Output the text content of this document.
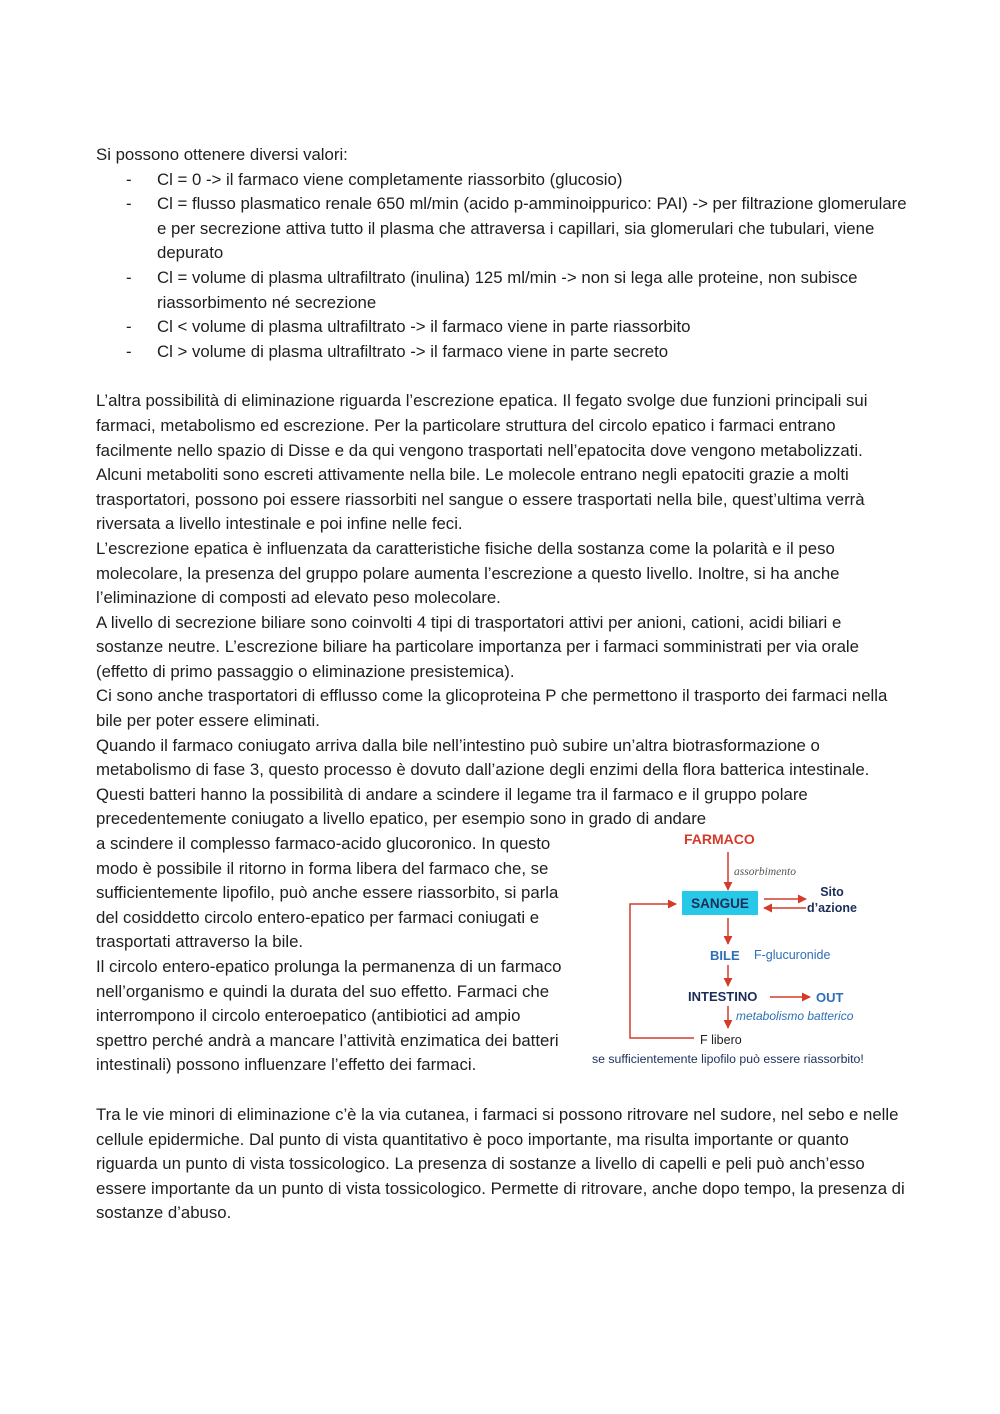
Si possono ottenere diversi valori:

- Cl = 0 -> il farmaco viene completamente riassorbito (glucosio)
- Cl = flusso plasmatico renale 650 ml/min (acido p-amminoippurico: PAI) -> per filtrazione glomerulare e per secrezione attiva tutto il plasma che attraversa i capillari, sia glomerulari che tubulari, viene depurato
- Cl = volume di plasma ultrafiltrato (inulina) 125 ml/min -> non si lega alle proteine, non subisce riassorbimento né secrezione
- Cl < volume di plasma ultrafiltrato -> il farmaco viene in parte riassorbito
- Cl > volume di plasma ultrafiltrato -> il farmaco viene in parte secreto

L’altra possibilità di eliminazione riguarda l’escrezione epatica. Il fegato svolge due funzioni principali sui farmaci, metabolismo ed escrezione. Per la particolare struttura del circolo epatico i farmaci entrano facilmente nello spazio di Disse e da qui vengono trasportati nell’epatocita dove vengono metabolizzati. Alcuni metaboliti sono escreti attivamente nella bile. Le molecole entrano negli epatociti grazie a molti trasportatori, possono poi essere riassorbiti nel sangue o essere trasportati nella bile, quest’ultima verrà riversata a livello intestinale e poi infine nelle feci.

L’escrezione epatica è influenzata da caratteristiche fisiche della sostanza come la polarità e il peso molecolare, la presenza del gruppo polare aumenta l’escrezione a questo livello. Inoltre, si ha anche l’eliminazione di composti ad elevato peso molecolare.

A livello di secrezione biliare sono coinvolti 4 tipi di trasportatori attivi per anioni, cationi, acidi biliari e sostanze neutre. L’escrezione biliare ha particolare importanza per i farmaci somministrati per via orale (effetto di primo passaggio o eliminazione presistemica).

Ci sono anche trasportatori di efflusso come la glicoproteina P che permettono il trasporto dei farmaci nella bile per poter essere eliminati.

Quando il farmaco coniugato arriva dalla bile nell’intestino può subire un’altra biotrasformazione o metabolismo di fase 3, questo processo è dovuto dall’azione degli enzimi della flora batterica intestinale. Questi batteri hanno la possibilità di andare a scindere il legame tra il farmaco e il gruppo polare precedentemente coniugato a livello epatico, per esempio sono in grado di andare

a scindere il complesso farmaco-acido glucoronico. In questo modo è possibile il ritorno in forma libera del farmaco che, se sufficientemente lipofilo, può anche essere riassorbito, si parla del cosiddetto circolo entero-epatico per farmaci coniugati e trasportati attraverso la bile.

Il circolo entero-epatico prolunga la permanenza di un farmaco nell’organismo e quindi la durata del suo effetto. Farmaci che interrompono il circolo enteroepatico (antibiotici ad ampio spettro perché andrà a mancare l’attività enzimatica dei batteri intestinali) possono influenzare l’effetto dei farmaci.

FARMACO
assorbimento
SANGUE
Sito
d’azione
BILE F-glucuronide
INTESTINO	OUT
metabolismo batterico
F libero
se sufficientemente lipofilo può essere riassorbito!

Tra le vie minori di eliminazione c’è la via cutanea, i farmaci si possono ritrovare nel sudore, nel sebo e nelle cellule epidermiche. Dal punto di vista quantitativo è poco importante, ma risulta importante or quanto riguarda un punto di vista tossicologico. La presenza di sostanze a livello di capelli e peli può anch’esso essere importante da un punto di vista tossicologico. Permette di ritrovare, anche dopo tempo, la presenza di sostanze d’abuso.
